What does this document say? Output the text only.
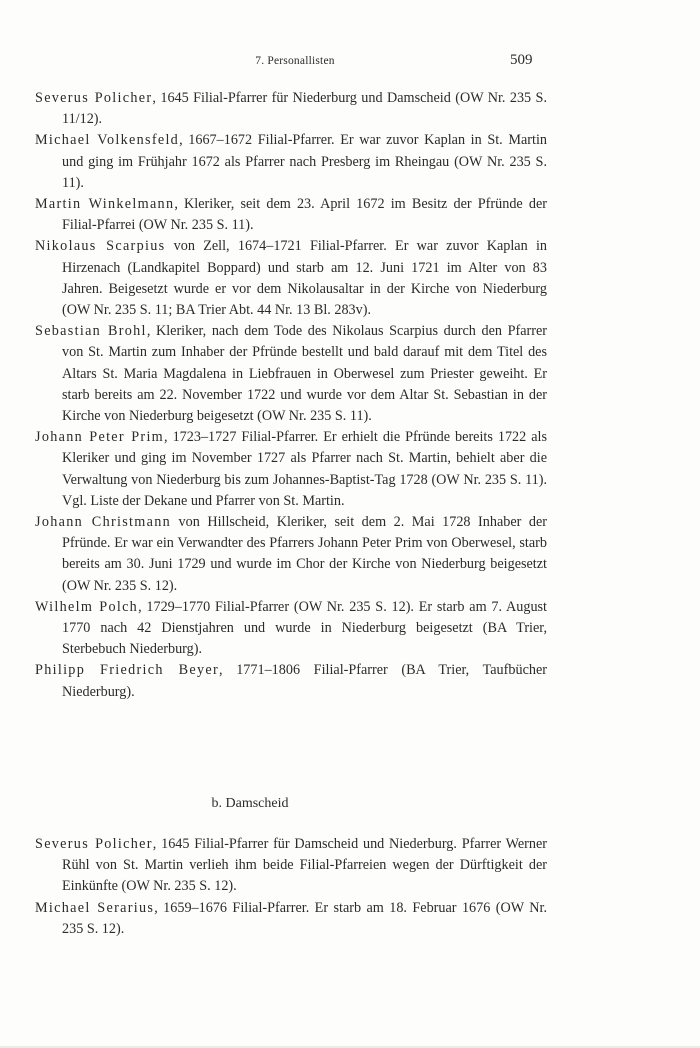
7. Personallisten	509

Severus Policher, 1645 Filial-Pfarrer für Niederburg und Damscheid (OW Nr. 235 S. 11/12).

Michael Volkensfeld, 1667–1672 Filial-Pfarrer. Er war zuvor Kaplan in St. Martin und ging im Frühjahr 1672 als Pfarrer nach Presberg im Rheingau (OW Nr. 235 S. 11).

Martin Winkelmann, Kleriker, seit dem 23. April 1672 im Besitz der Pfründe der Filial-Pfarrei (OW Nr. 235 S. 11).

Nikolaus Scarpius von Zell, 1674–1721 Filial-Pfarrer. Er war zuvor Kaplan in Hirzenach (Landkapitel Boppard) und starb am 12. Juni 1721 im Alter von 83 Jahren. Beigesetzt wurde er vor dem Nikolausaltar in der Kirche von Niederburg (OW Nr. 235 S. 11; BA Trier Abt. 44 Nr. 13 Bl. 283v).

Sebastian Brohl, Kleriker, nach dem Tode des Nikolaus Scarpius durch den Pfarrer von St. Martin zum Inhaber der Pfründe bestellt und bald darauf mit dem Titel des Altars St. Maria Magdalena in Liebfrauen in Oberwesel zum Priester geweiht. Er starb bereits am 22. November 1722 und wurde vor dem Altar St. Sebastian in der Kirche von Niederburg beigesetzt (OW Nr. 235 S. 11).

Johann Peter Prim, 1723–1727 Filial-Pfarrer. Er erhielt die Pfründe bereits 1722 als Kleriker und ging im November 1727 als Pfarrer nach St. Martin, behielt aber die Verwaltung von Niederburg bis zum Johannes-Baptist-Tag 1728 (OW Nr. 235 S. 11). Vgl. Liste der Dekane und Pfarrer von St. Martin.

Johann Christmann von Hillscheid, Kleriker, seit dem 2. Mai 1728 Inhaber der Pfründe. Er war ein Verwandter des Pfarrers Johann Peter Prim von Oberwesel, starb bereits am 30. Juni 1729 und wurde im Chor der Kirche von Niederburg beigesetzt (OW Nr. 235 S. 12).

Wilhelm Polch, 1729–1770 Filial-Pfarrer (OW Nr. 235 S. 12). Er starb am 7. August 1770 nach 42 Dienstjahren und wurde in Niederburg beigesetzt (BA Trier, Sterbebuch Niederburg).

Philipp Friedrich Beyer, 1771–1806 Filial-Pfarrer (BA Trier, Taufbücher Niederburg).

b. Damscheid

Severus Policher, 1645 Filial-Pfarrer für Damscheid und Niederburg. Pfarrer Werner Rühl von St. Martin verlieh ihm beide Filial-Pfarreien wegen der Dürftigkeit der Einkünfte (OW Nr. 235 S. 12).

Michael Serarius, 1659–1676 Filial-Pfarrer. Er starb am 18. Februar 1676 (OW Nr. 235 S. 12).
